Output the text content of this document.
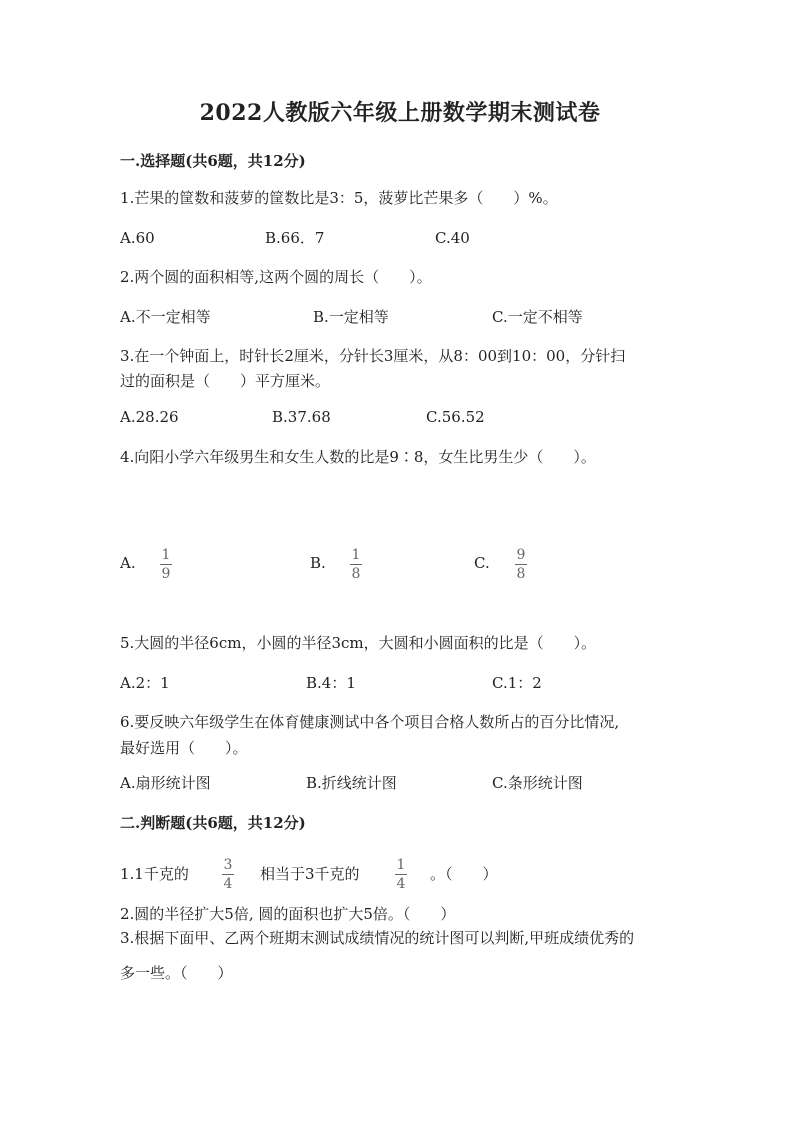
2022人教版六年级上册数学期末测试卷
一.选择题(共6题，共12分)
1.芒果的筐数和菠萝的筐数比是3：5，菠萝比芒果多（　　）%。
A.60	B.66．7	C.40
2.两个圆的面积相等,这两个圆的周长（　　）。
A.不一定相等	B.一定相等	C.一定不相等
3.在一个钟面上，时针长2厘米，分针长3厘米，从8：00到10：00，分针扫
过的面积是（　　）平方厘米。
A.28.26	B.37.68	C.56.52
4.向阳小学六年级男生和女生人数的比是9∶8，女生比男生少（　　）。
A. 1
9
B. 1
8
C. 9
8
5.大圆的半径6cm，小圆的半径3cm，大圆和小圆面积的比是（　　）。
A.2：1	B.4：1	C.1：2
6.要反映六年级学生在体育健康测试中各个项目合格人数所占的百分比情况,
最好选用（　　）。
A.扇形统计图	B.折线统计图	C.条形统计图
二.判断题(共6题，共12分)
1.1千克的 3
4
相当于3千克的	1
4
。（　　）
2.圆的半径扩大5倍, 圆的面积也扩大5倍。（　　）
3.根据下面甲、乙两个班期末测试成绩情况的统计图可以判断,甲班成绩优秀的
多一些。（　　）
